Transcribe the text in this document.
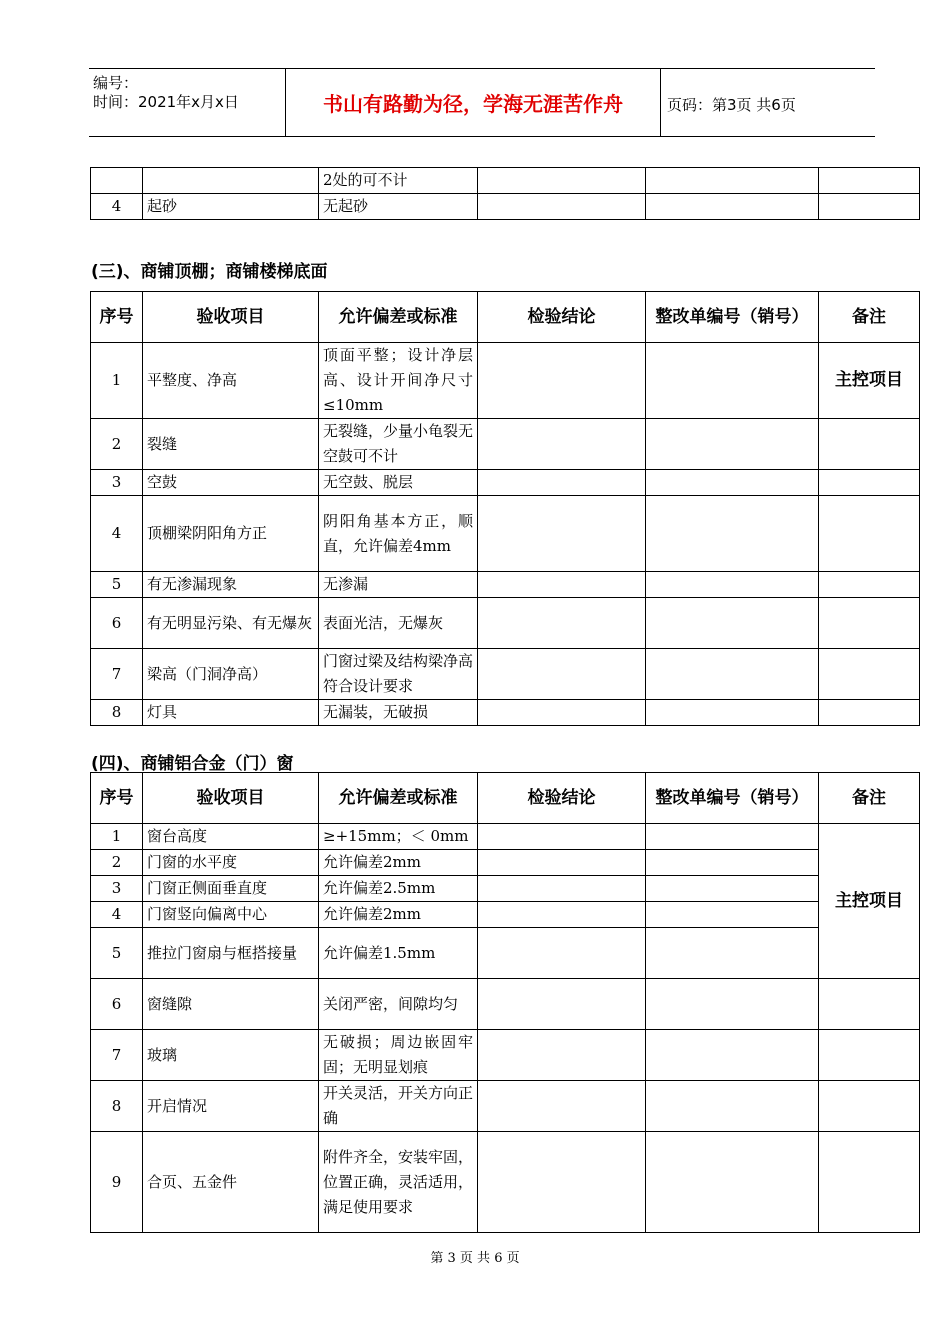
编号：
时间：2021年x月x日	书山有路勤为径，学海无涯苦作舟	页码：第3页 共6页
		2处的可不计			
4	起砂	无起砂			
(三)、商铺顶棚；商铺楼梯底面
序号	验收项目	允许偏差或标准	检验结论	整改单编号（销号）	备注
1	平整度、净高	顶面平整；设计净层高、设计开间净尺寸≤10mm			主控项目
2	裂缝	无裂缝，少量小龟裂无空鼓可不计			
3	空鼓	无空鼓、脱层			
4	顶棚梁阴阳角方正	阴阳角基本方正，顺直，允许偏差4mm			
5	有无渗漏现象	无渗漏			
6	有无明显污染、有无爆灰	表面光洁，无爆灰			
7	梁高（门洞净高）	门窗过梁及结构梁净高符合设计要求			
8	灯具	无漏装，无破损			
(四)、商铺铝合金（门）窗
序号	验收项目	允许偏差或标准	检验结论	整改单编号（销号）	备注
1	窗台高度	≥+15mm；＜ 0mm			主控项目
2	门窗的水平度	允许偏差2mm			
3	门窗正侧面垂直度	允许偏差2.5mm			
4	门窗竖向偏离中心	允许偏差2mm			
5	推拉门窗扇与框搭接量	允许偏差1.5mm			
6	窗缝隙	关闭严密，间隙均匀			
7	玻璃	无破损；周边嵌固牢固；无明显划痕			
8	开启情况	开关灵活，开关方向正确			
9	合页、五金件	附件齐全，安装牢固，位置正确，灵活适用，满足使用要求			
第 3 页 共 6 页
